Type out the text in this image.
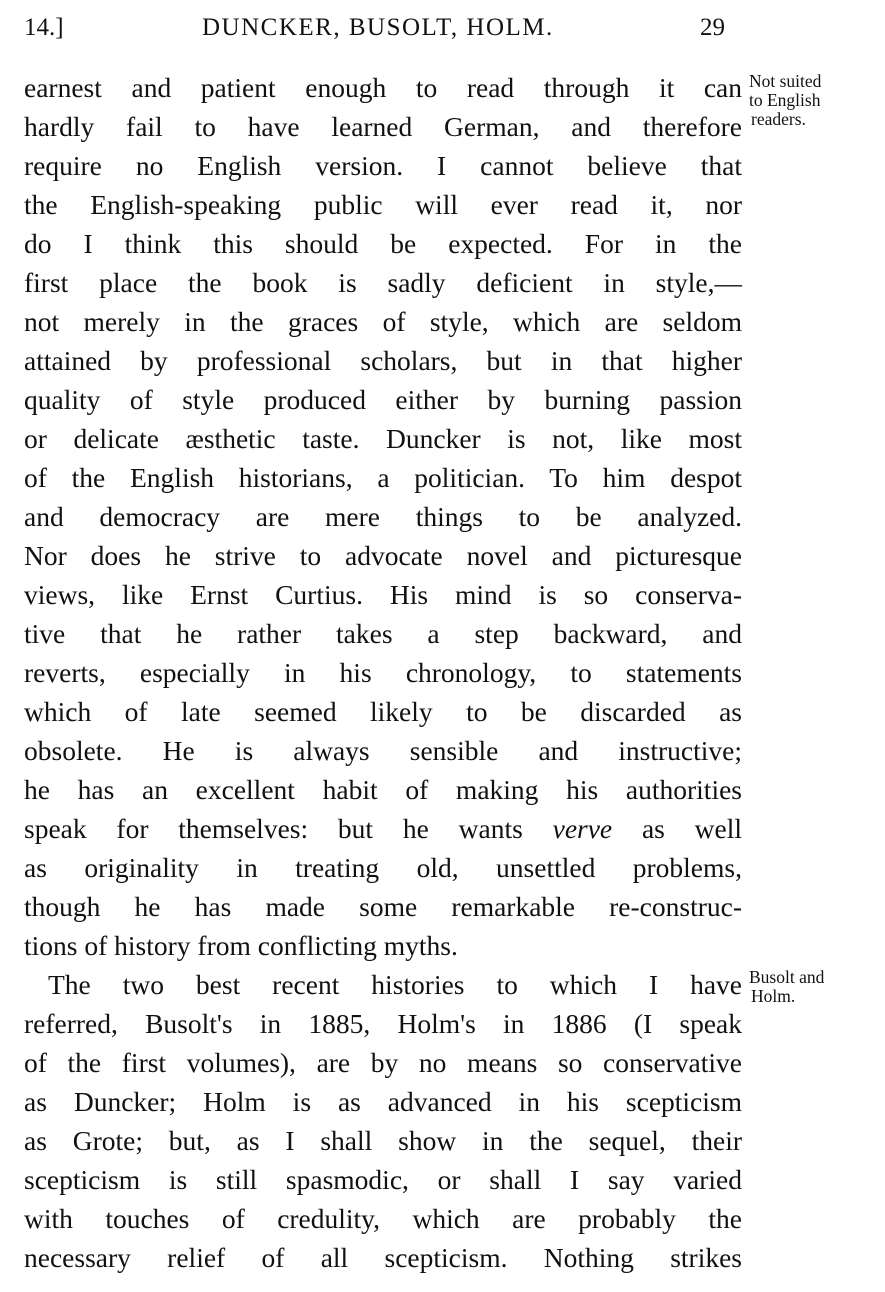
14.]	DUNCKER, BUSOLT, HOLM.	29
Not suited
to English
readers.
Busolt and
Holm.
earnest and patient enough to read through it can
hardly fail to have learned German, and therefore
require no English version. I cannot believe that
the English-speaking public will ever read it, nor
do I think this should be expected. For in the
first place the book is sadly deficient in style,—
not merely in the graces of style, which are seldom
attained by professional scholars, but in that higher
quality of style produced either by burning passion
or delicate æsthetic taste. Duncker is not, like most
of the English historians, a politician. To him despot
and democracy are mere things to be analyzed.
Nor does he strive to advocate novel and picturesque
views, like Ernst Curtius. His mind is so conserva-
tive that he rather takes a step backward, and
reverts, especially in his chronology, to statements
which of late seemed likely to be discarded as
obsolete. He is always sensible and instructive;
he has an excellent habit of making his authorities
speak for themselves: but he wants verve as well
as originality in treating old, unsettled problems,
though he has made some remarkable re-construc-
tions of history from conflicting myths.
The two best recent histories to which I have
referred, Busolt's in 1885, Holm's in 1886 (I speak
of the first volumes), are by no means so conservative
as Duncker; Holm is as advanced in his scepticism
as Grote; but, as I shall show in the sequel, their
scepticism is still spasmodic, or shall I say varied
with touches of credulity, which are probably the
necessary relief of all scepticism. Nothing strikes
